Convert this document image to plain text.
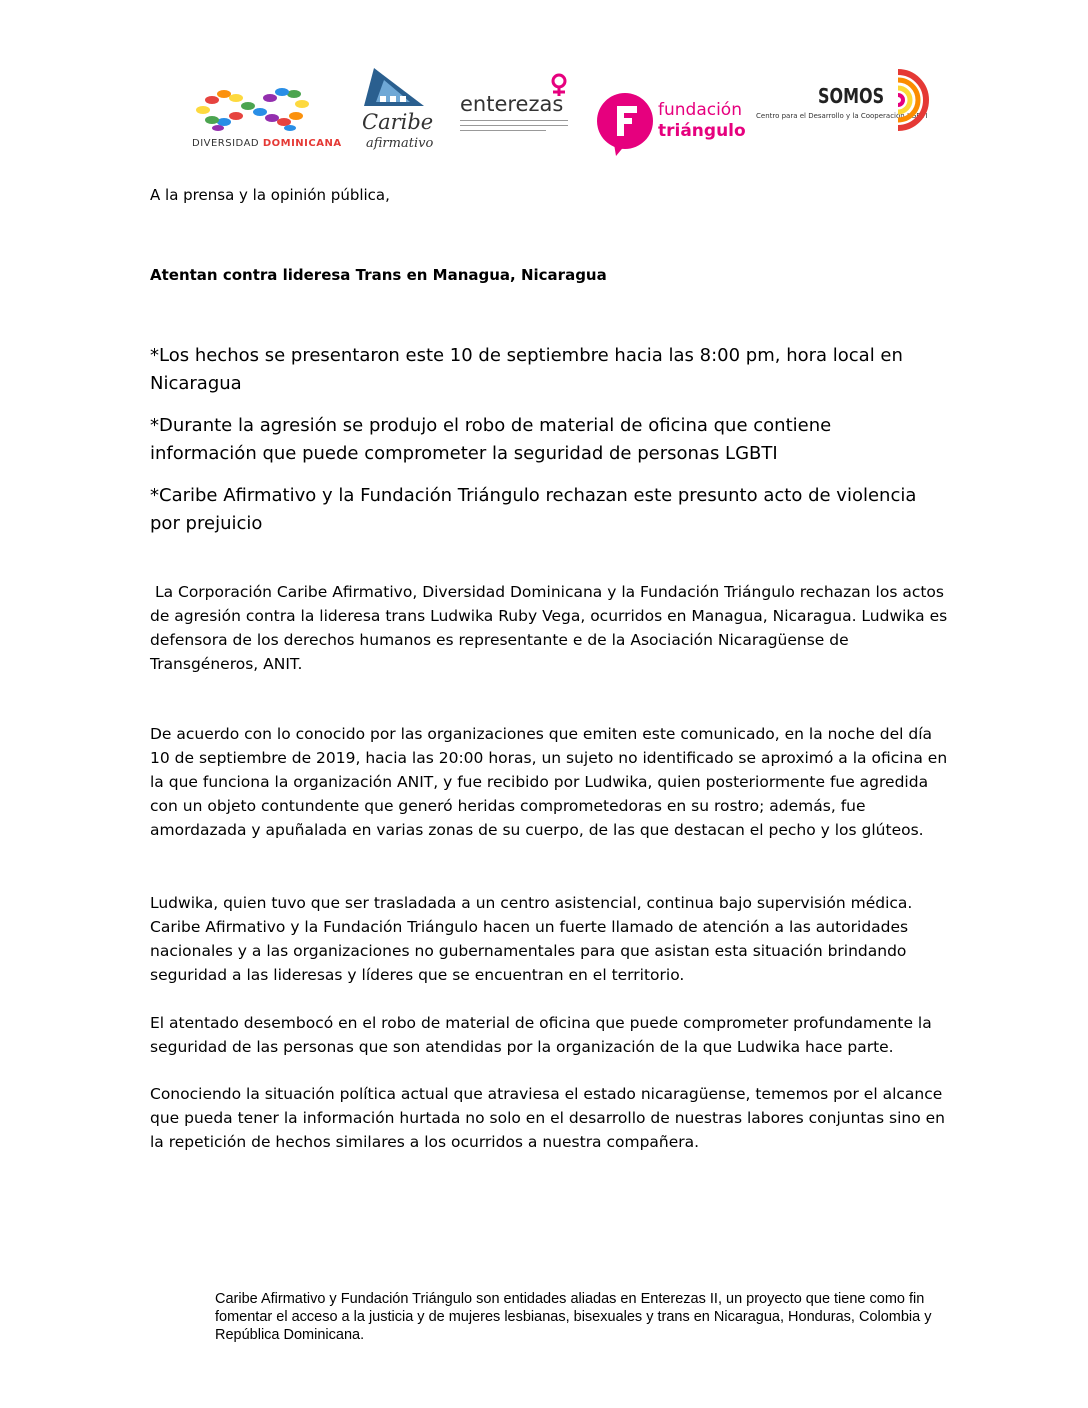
DIVERSIDAD DOMINICANA
Caribe
afirmativo
enterezas	fundación
triángulo
SOMOS
Centro para el Desarrollo y la Cooperación LGBTI
A la prensa y la opinión pública,
Atentan contra lideresa Trans en Managua, Nicaragua

*Los hechos se presentaron este 10 de septiembre hacia las 8:00 pm, hora local en Nicaragua

*Durante la agresión se produjo el robo de material de oficina que contiene información que puede comprometer la seguridad de personas LGBTI

*Caribe Afirmativo y la Fundación Triángulo rechazan este presunto acto de violencia por prejuicio

La Corporación Caribe Afirmativo, Diversidad Dominicana y la Fundación Triángulo rechazan los actos de agresión contra la lideresa trans Ludwika Ruby Vega, ocurridos en Managua, Nicaragua. Ludwika es defensora de los derechos humanos es representante e de la Asociación Nicaragüense de Transgéneros, ANIT.

De acuerdo con lo conocido por las organizaciones que emiten este comunicado, en la noche del día 10 de septiembre de 2019, hacia las 20:00 horas, un sujeto no identificado se aproximó a la oficina en la que funciona la organización ANIT, y fue recibido por Ludwika, quien posteriormente fue agredida con un objeto contundente que generó heridas comprometedoras en su rostro; además, fue amordazada y apuñalada en varias zonas de su cuerpo, de las que destacan el pecho y los glúteos.

Ludwika, quien tuvo que ser trasladada a un centro asistencial, continua bajo supervisión médica. Caribe Afirmativo y la Fundación Triángulo hacen un fuerte llamado de atención a las autoridades nacionales y a las organizaciones no gubernamentales para que asistan esta situación brindando seguridad a las lideresas y líderes que se encuentran en el territorio.

El atentado desembocó en el robo de material de oficina que puede comprometer profundamente la seguridad de las personas que son atendidas por la organización de la que Ludwika hace parte.

Conociendo la situación política actual que atraviesa el estado nicaragüense, tememos por el alcance que pueda tener la información hurtada no solo en el desarrollo de nuestras labores conjuntas sino en la repetición de hechos similares a los ocurridos a nuestra compañera.

Caribe Afirmativo y Fundación Triángulo son entidades aliadas en Enterezas II, un proyecto que tiene como fin fomentar el acceso a la justicia y de mujeres lesbianas, bisexuales y trans en Nicaragua, Honduras, Colombia y República Dominicana.
